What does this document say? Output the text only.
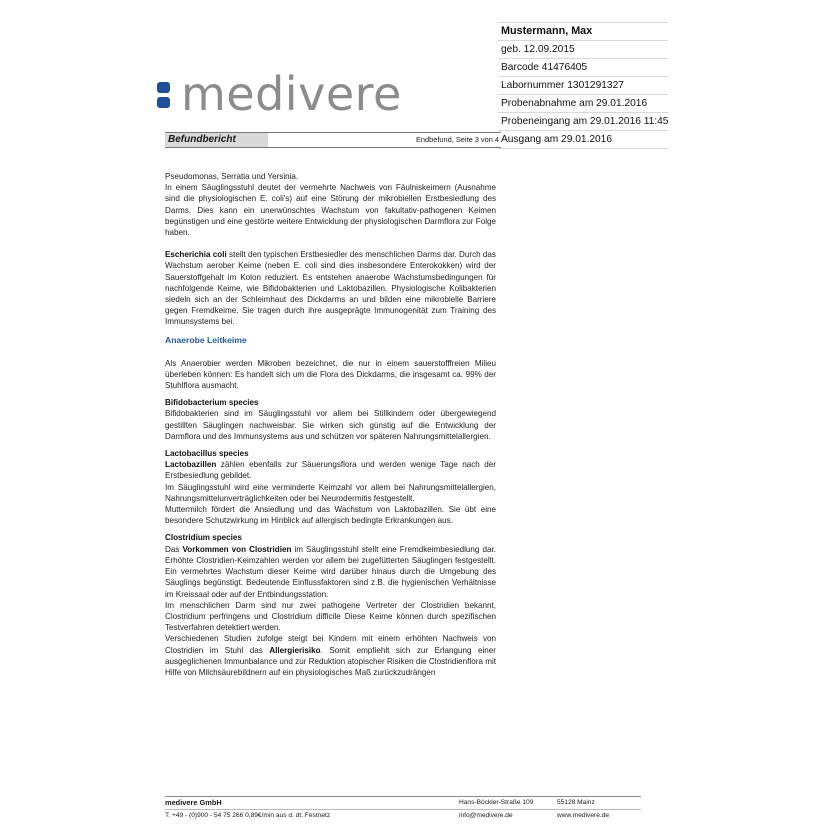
medivere
Mustermann, Max
geb. 12.09.2015
Barcode 41476405
Labornummer 1301291327
Probenabnahme am 29.01.2016
Probeneingang am 29.01.2016 11:45
Ausgang am 29.01.2016
Befundbericht	Endbefund, Seite 3 von 4

Pseudomonas, Serratia und Yersinia.

In einem Säuglingsstuhl deutet der vermehrte Nachweis von Fäulniskeimern (Ausnahme sind die physiologischen E. coli's) auf eine Störung der mikrobiellen Erstbesiedlung des Darms. Dies kann ein unerwünschtes Wachstum von fakultativ-pathogenen Keimen begünstigen und eine gestörte weitere Entwicklung der physiologischen Darmflora zur Folge haben.

Escherichia coli stellt den typischen Erstbesiedler des menschlichen Darms dar. Durch das Wachstum aerober Keime (neben E. coli sind dies insbesondere Enterokokken) wird der Sauerstoffgehalt im Kolon reduziert. Es entstehen anaerobe Wachstumsbedingungen für nachfolgende Keime, wie Bifidobakterien und Laktobazillen. Physiologische Kolibakterien siedeln sich an der Schleimhaut des Dickdarms an und bilden eine mikrobielle Barriere gegen Fremdkeime. Sie tragen durch ihre ausgeprägte Immunogenität zum Training des Immunsystems bei.

Anaerobe Leitkeime

Als Anaerobier werden Mikroben bezeichnet, die nur in einem sauerstofffreien Milieu überleben können: Es handelt sich um die Flora des Dickdarms, die insgesamt ca. 99% der Stuhlflora ausmacht.

Bifidobacterium species

Bifidobakterien sind im Säuglingsstuhl vor allem bei Stillkindern oder übergewiegend gestillten Säuglingen nachweisbar. Sie wirken sich günstig auf die Entwicklung der Darmflora und des Immunsystems aus und schützen vor späteren Nahrungsmittelallergien.

Lactobacillus species

Lactobazillen zählen ebenfalls zur Säuerungsflora und werden wenige Tage nach der Erstbesiedlung gebildet.

Im Säuglingsstuhl wird eine verminderte Keimzahl vor allem bei Nahrungsmittelallergien, Nahrungsmittelunverträglichkeiten oder bei Neurodermitis festgestellt.

Muttermilch fördert die Ansiedlung und das Wachstum von Laktobazillen. Sie übt eine besondere Schutzwirkung im Hinblick auf allergisch bedingte Erkrankungen aus.

Clostridium species

Das Vorkommen von Clostridien im Säuglingsstuhl stellt eine Fremdkeimbesiedlung dar. Erhöhte Clostridien-Keimzahlen werden vor allem bei zugefütterten Säuglingen festgestellt. Ein vermehrtes Wachstum dieser Keime wird darüber hinaus durch die Umgebung des Säuglings begünstigt. Bedeutende Einflussfaktoren sind z.B. die hygienischen Verhältnisse im Kreissaal oder auf der Entbindungsstation.

Im menschlichen Darm sind nur zwei pathogene Vertreter der Clostridien bekannt, Clostridium perfringens und Clostridium difficile Diese Keime können durch spezifischen Testverfahren detektiert werden.

Verschiedenen Studien zufolge steigt bei Kindern mit einem erhöhten Nachweis von Clostridien im Stuhl das Allergierisiko. Somit empfiehlt sich zur Erlangung einer ausgeglichenen Immunbalance und zur Reduktion atopischer Risiken die Clostridienflora mit Hilfe von Milchsäurebildnern auf ein physiologisches Maß zurückzudrängen

medivere GmbH	Hans-Böckler-Straße 109	55128 Mainz
T. +49 - (0)900 - 54 75 266 0,89€/min aus d. dt. Festnetz	info@medivere.de	www.medivere.de
